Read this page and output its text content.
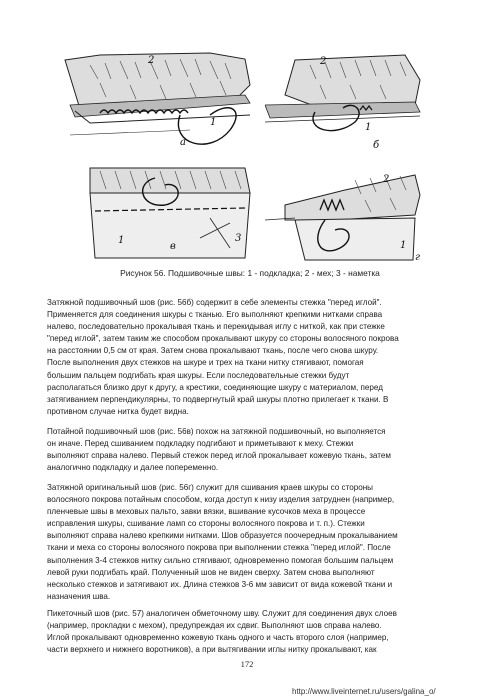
2
1
а
2
1
б
1	3
в
2
1
г
Рисунок 56. Подшивочные швы: 1 - подкладка; 2 - мех; 3 - наметка
Затяжной подшивочный шов (рис. 56б) содержит в себе элементы стежка "перед иглой".
Применяется для соединения шкуры с тканью. Его выполняют крепкими нитками справа
налево, последовательно прокалывая ткань и перекидывая иглу с ниткой, как при стежке
"перед иглой", затем таким же способом прокалывают шкуру со стороны волосяного покрова
на расстоянии 0,5 см от края. Затем снова прокалывают ткань, после чего снова шкуру.
После выполнения двух стежков на шкуре и трех на ткани нитку стягивают, помогая
большим пальцем подгибать края шкуры. Если последовательные стежки будут
располагаться близко друг к другу, а крестики, соединяющие шкуру с материалом, перед
затягиванием перпендикулярны, то подвергнутый край шкуры плотно прилегает к ткани. В
противном случае нитка будет видна.
Потайной подшивочный шов (рис. 56в) похож на затяжной подшивочный, но выполняется
он иначе. Перед сшиванием подкладку подгибают и приметывают к меху. Стежки
выполняют справа налево. Первый стежок перед иглой прокалывает кожевую ткань, затем
аналогично подкладку и далее попеременно.
Затяжной оригинальный шов (рис. 56г) служит для сшивания краев шкуры со стороны
волосяного покрова потайным способом, когда доступ к низу изделия затруднен (например,
пленчевые швы в меховых пальто, завки вязки, вшивание кусочков меха в процессе
исправления шкуры, сшивание ламп со стороны волосяного покрова и т. п.). Стежки
выполняют справа налево крепкими нитками. Шов образуется поочередным прокалыванием
ткани и меха со стороны волосяного покрова при выполнении стежка "перед иглой". После
выполнения 3-4 стежков нитку сильно стягивают, одновременно помогая большим пальцем
левой руки подгибать край. Полученный шов не виден сверху. Затем снова выполняют
несколько стежков и затягивают их. Длина стежков 3-6 мм зависит от вида кожевой ткани и
назначения шва.
Пикеточный шов (рис. 57) аналогичен обметочному шву. Служит для соединения двух слоев
(например, прокладки с мехом), предупреждая их сдвиг. Выполняют шов справа налево.
Иглой прокалывают одновременно кожевую ткань одного и часть второго слоя (например,
части верхнего и нижнего воротников), а при вытягивании иглы нитку прокалывают, как
172
http://www.liveinternet.ru/users/galina_o/
